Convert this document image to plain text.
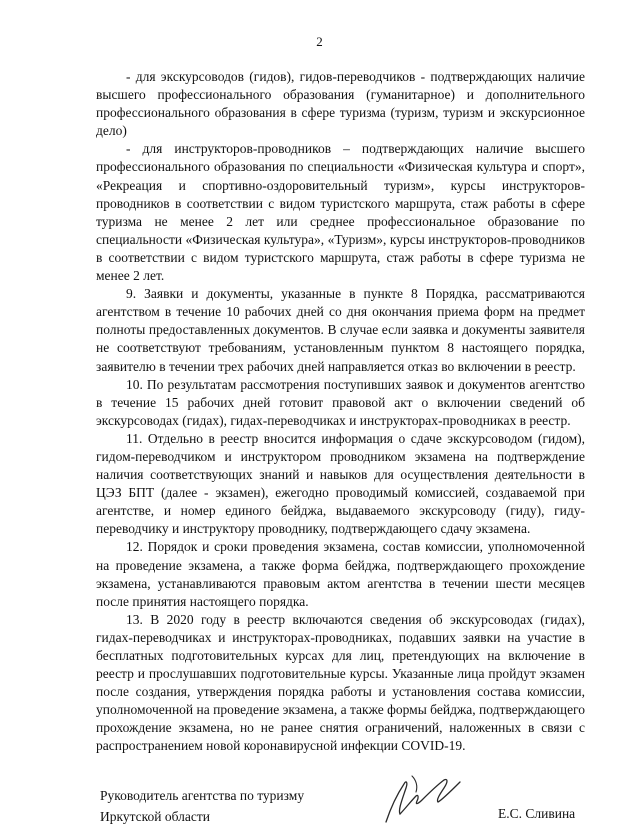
2

- для экскурсоводов (гидов), гидов-переводчиков - подтверждающих наличие высшего профессионального образования (гуманитарное) и дополнительного профессионального образования в сфере туризма (туризм, туризм и экскурсионное дело)

- для инструкторов-проводников – подтверждающих наличие высшего профессионального образования по специальности «Физическая культура и спорт», «Рекреация и спортивно-оздоровительный туризм», курсы инструкторов-проводников в соответствии с видом туристского маршрута, стаж работы в сфере туризма не менее 2 лет или среднее профессиональное образование по специальности «Физическая культура», «Туризм», курсы инструкторов-проводников в соответствии с видом туристского маршрута, стаж работы в сфере туризма не менее 2 лет.

9. Заявки и документы, указанные в пункте 8 Порядка, рассматриваются агентством в течение 10 рабочих дней со дня окончания приема форм на предмет полноты предоставленных документов. В случае если заявка и документы заявителя не соответствуют требованиям, установленным пунктом 8 настоящего порядка, заявителю в течении трех рабочих дней направляется отказ во включении в реестр.

10. По результатам рассмотрения поступивших заявок и документов агентство в течение 15 рабочих дней готовит правовой акт о включении сведений об экскурсоводах (гидах), гидах-переводчиках и инструкторах-проводниках в реестр.

11. Отдельно в реестр вносится информация о сдаче экскурсоводом (гидом), гидом-переводчиком и инструктором проводником экзамена на подтверждение наличия соответствующих знаний и навыков для осуществления деятельности в ЦЭЗ БПТ (далее - экзамен), ежегодно проводимый комиссией, создаваемой при агентстве, и номер единого бейджа, выдаваемого экскурсоводу (гиду), гиду-переводчику и инструктору проводнику, подтверждающего сдачу экзамена.

12. Порядок и сроки проведения экзамена, состав комиссии, уполномоченной на проведение экзамена, а также форма бейджа, подтверждающего прохождение экзамена, устанавливаются правовым актом агентства в течении шести месяцев после принятия настоящего порядка.

13. В 2020 году в реестр включаются сведения об экскурсоводах (гидах), гидах-переводчиках и инструкторах-проводниках, подавших заявки на участие в бесплатных подготовительных курсах для лиц, претендующих на включение в реестр и прослушавших подготовительные курсы. Указанные лица пройдут экзамен после создания, утверждения порядка работы и установления состава комиссии, уполномоченной на проведение экзамена, а также формы бейджа, подтверждающего прохождение экзамена, но не ранее снятия ограничений, наложенных в связи с распространением новой коронавирусной инфекции COVID-19.

Руководитель агентства по туризму
Иркутской области	Е.С. Сливина
